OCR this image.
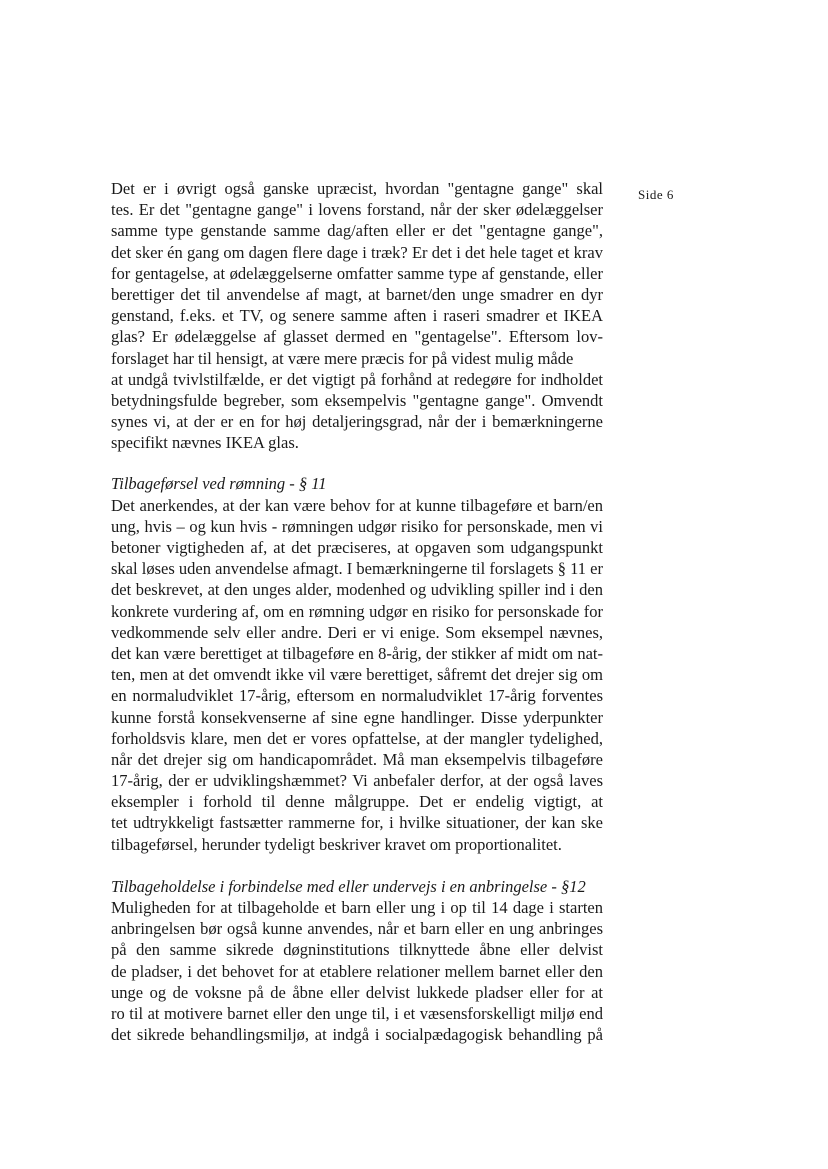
Side 6
Det er i øvrigt også ganske upræcist, hvordan "gentagne gange" skal
tes. Er det "gentagne gange" i lovens forstand, når der sker ødelæggelser
samme type genstande samme dag/aften eller er det "gentagne gange",
det sker én gang om dagen flere dage i træk? Er det i det hele taget et krav
for gentagelse, at ødelæggelserne omfatter samme type af genstande, eller
berettiger det til anvendelse af magt, at barnet/den unge smadrer en dyr
genstand, f.eks. et TV, og senere samme aften i raseri smadrer et IKEA
glas? Er ødelæggelse af glasset dermed en "gentagelse". Eftersom lov-
forslaget har til hensigt, at være mere præcis for på videst mulig måde
at undgå tvivlstilfælde, er det vigtigt på forhånd at redegøre for indholdet
betydningsfulde begreber, som eksempelvis "gentagne gange". Omvendt
synes vi, at der er en for høj detaljeringsgrad, når der i bemærkningerne
specifikt nævnes IKEA glas.
Tilbageførsel ved rømning - § 11
Det anerkendes, at der kan være behov for at kunne tilbageføre et barn/en
ung, hvis – og kun hvis - rømningen udgør risiko for personskade, men vi
betoner vigtigheden af, at det præciseres, at opgaven som udgangspunkt
skal løses uden anvendelse afmagt. I bemærkningerne til forslagets § 11 er
det beskrevet, at den unges alder, modenhed og udvikling spiller ind i den
konkrete vurdering af, om en rømning udgør en risiko for personskade for
vedkommende selv eller andre. Deri er vi enige. Som eksempel nævnes,
det kan være berettiget at tilbageføre en 8-årig, der stikker af midt om nat-
ten, men at det omvendt ikke vil være berettiget, såfremt det drejer sig om
en normaludviklet 17-årig, eftersom en normaludviklet 17-årig forventes
kunne forstå konsekvenserne af sine egne handlinger. Disse yderpunkter
forholdsvis klare, men det er vores opfattelse, at der mangler tydelighed,
når det drejer sig om handicapområdet. Må man eksempelvis tilbageføre
17-årig, der er udviklingshæmmet? Vi anbefaler derfor, at der også laves
eksempler i forhold til denne målgruppe. Det er endelig vigtigt, at
tet udtrykkeligt fastsætter rammerne for, i hvilke situationer, der kan ske
tilbageførsel, herunder tydeligt beskriver kravet om proportionalitet.
Tilbageholdelse i forbindelse med eller undervejs i en anbringelse - §12
Muligheden for at tilbageholde et barn eller ung i op til 14 dage i starten
anbringelsen bør også kunne anvendes, når et barn eller en ung anbringes
på den samme sikrede døgninstitutions tilknyttede åbne eller delvist
de pladser, i det behovet for at etablere relationer mellem barnet eller den
unge og de voksne på de åbne eller delvist lukkede pladser eller for at
ro til at motivere barnet eller den unge til, i et væsensforskelligt miljø end
det sikrede behandlingsmiljø, at indgå i socialpædagogisk behandling på
